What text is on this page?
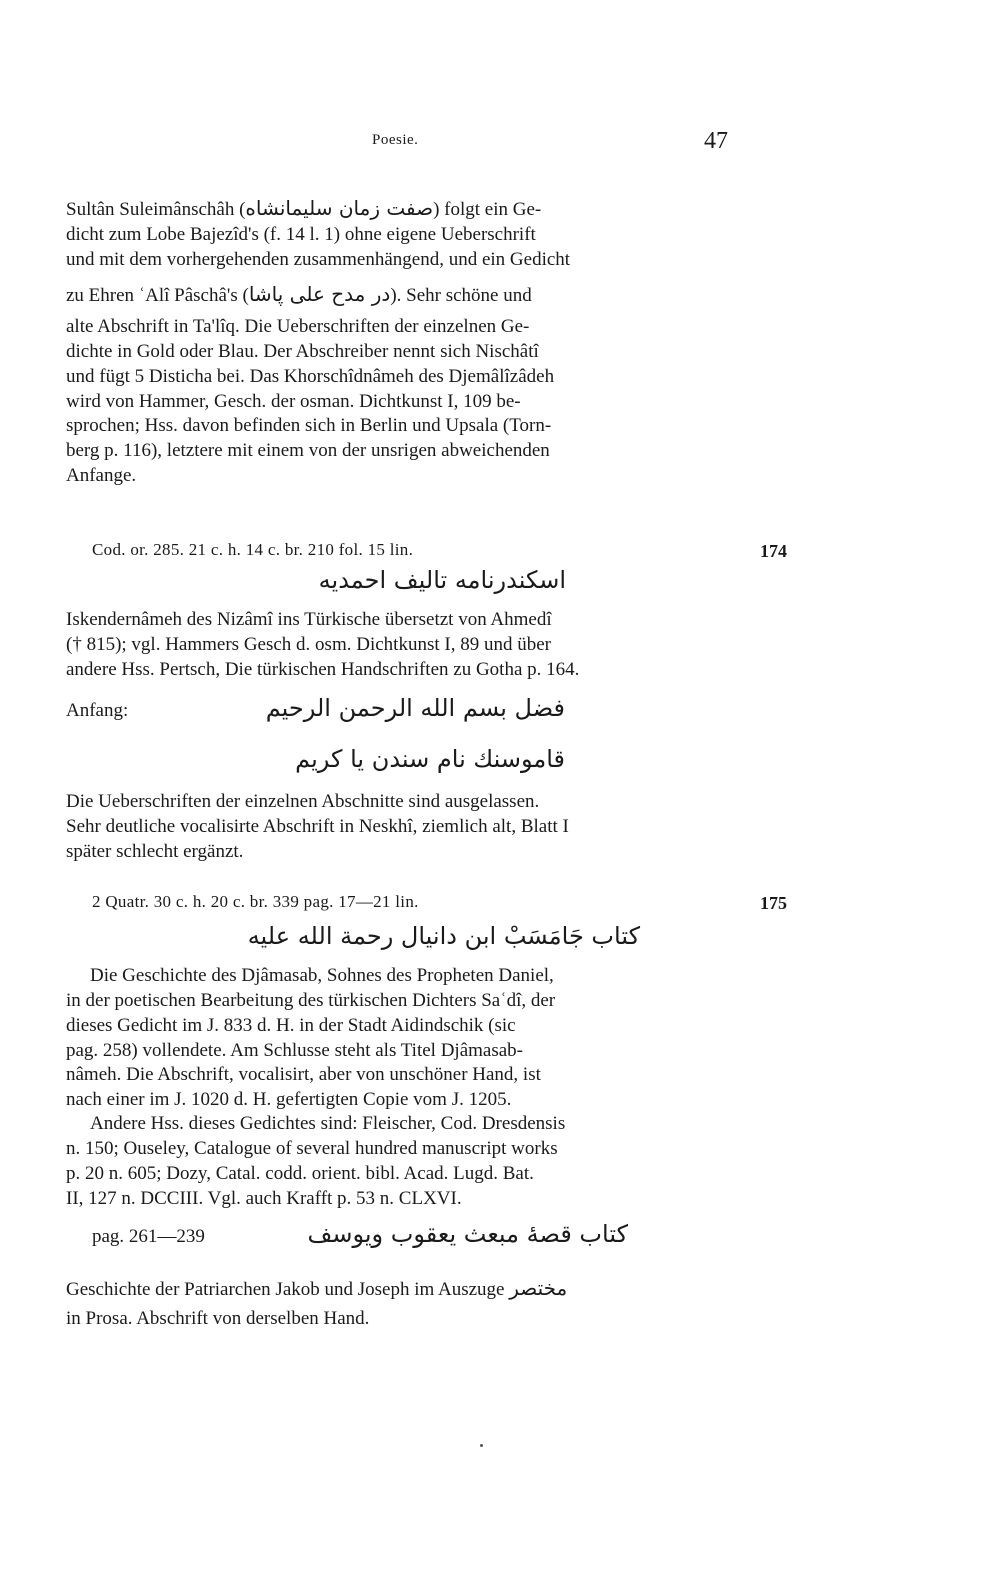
Poesie.	47
Sultân Suleimânschâh (صفت زمان سليمانشاه) folgt ein Ge-
dicht zum Lobe Bajezîd's (f. 14 l. 1) ohne eigene Ueberschrift
und mit dem vorhergehenden zusammenhängend, und ein Gedicht
zu Ehren ʿAlî Pâschâ's (در مدح على پاشا). Sehr schöne und
alte Abschrift in Ta'lîq. Die Ueberschriften der einzelnen Ge-
dichte in Gold oder Blau. Der Abschreiber nennt sich Nischâtî
und fügt 5 Disticha bei. Das Khorschîdnâmeh des Djemâlîzâdeh
wird von Hammer, Gesch. der osman. Dichtkunst I, 109 be-
sprochen; Hss. davon befinden sich in Berlin und Upsala (Torn-
berg p. 116), letztere mit einem von der unsrigen abweichenden
Anfange.
Cod. or. 285. 21 c. h. 14 c. br. 210 fol. 15 lin.	174
اسكندرنامه تاليف احمديه
Iskendernâmeh des Nizâmî ins Türkische übersetzt von Ahmedî
(† 815); vgl. Hammers Gesch d. osm. Dichtkunst I, 89 und über
andere Hss. Pertsch, Die türkischen Handschriften zu Gotha p. 164.
Anfang:	فضل بسم الله الرحمن الرحيم
قاموسنك نام سندن يا كريم
Die Ueberschriften der einzelnen Abschnitte sind ausgelassen.
Sehr deutliche vocalisirte Abschrift in Neskhî, ziemlich alt, Blatt I
später schlecht ergänzt.
2 Quatr. 30 c. h. 20 c. br. 339 pag. 17—21 lin.	175
كتاب جَامَسَبْ ابن دانيال رحمة الله عليه
Die Geschichte des Djâmasab, Sohnes des Propheten Daniel,
in der poetischen Bearbeitung des türkischen Dichters Saʿdî, der
dieses Gedicht im J. 833 d. H. in der Stadt Aidindschik (sic
pag. 258) vollendete. Am Schlusse steht als Titel Djâmasab-
nâmeh. Die Abschrift, vocalisirt, aber von unschöner Hand, ist
nach einer im J. 1020 d. H. gefertigten Copie vom J. 1205.
Andere Hss. dieses Gedichtes sind: Fleischer, Cod. Dresdensis
n. 150; Ouseley, Catalogue of several hundred manuscript works
p. 20 n. 605; Dozy, Catal. codd. orient. bibl. Acad. Lugd. Bat.
II, 127 n. DCCIII. Vgl. auch Krafft p. 53 n. CLXVI.
pag. 261—239	كتاب قصهٔ مبعث يعقوب ويوسف
Geschichte der Patriarchen Jakob und Joseph im Auszuge مختصر
in Prosa. Abschrift von derselben Hand.
